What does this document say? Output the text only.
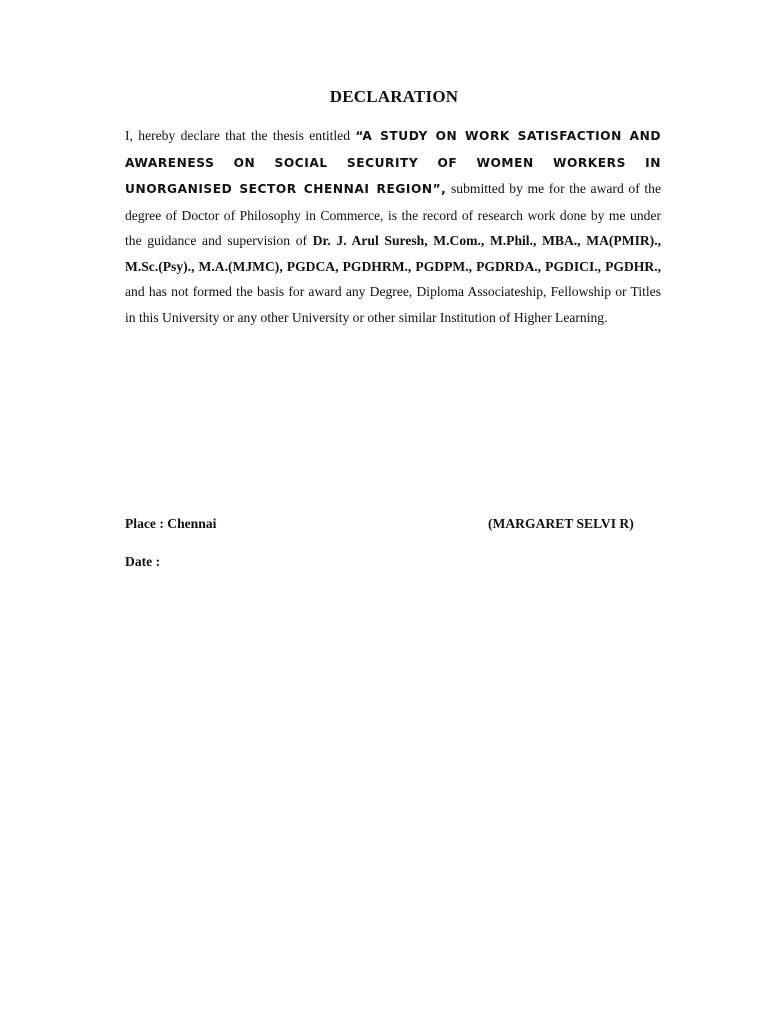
DECLARATION

I, hereby declare that the thesis entitled “A STUDY ON WORK SATISFACTION AND AWARENESS ON SOCIAL SECURITY OF WOMEN WORKERS IN UNORGANISED SECTOR CHENNAI REGION”, submitted by me for the award of the degree of Doctor of Philosophy in Commerce, is the record of research work done by me under the guidance and supervision of Dr. J. Arul Suresh, M.Com., M.Phil., MBA., MA(PMIR)., M.Sc.(Psy)., M.A.(MJMC), PGDCA, PGDHRM., PGDPM., PGDRDA., PGDICI., PGDHR., and has not formed the basis for award any Degree, Diploma Associateship, Fellowship or Titles in this University or any other University or other similar Institution of Higher Learning.

Place : Chennai	(MARGARET SELVI R)
Date :
